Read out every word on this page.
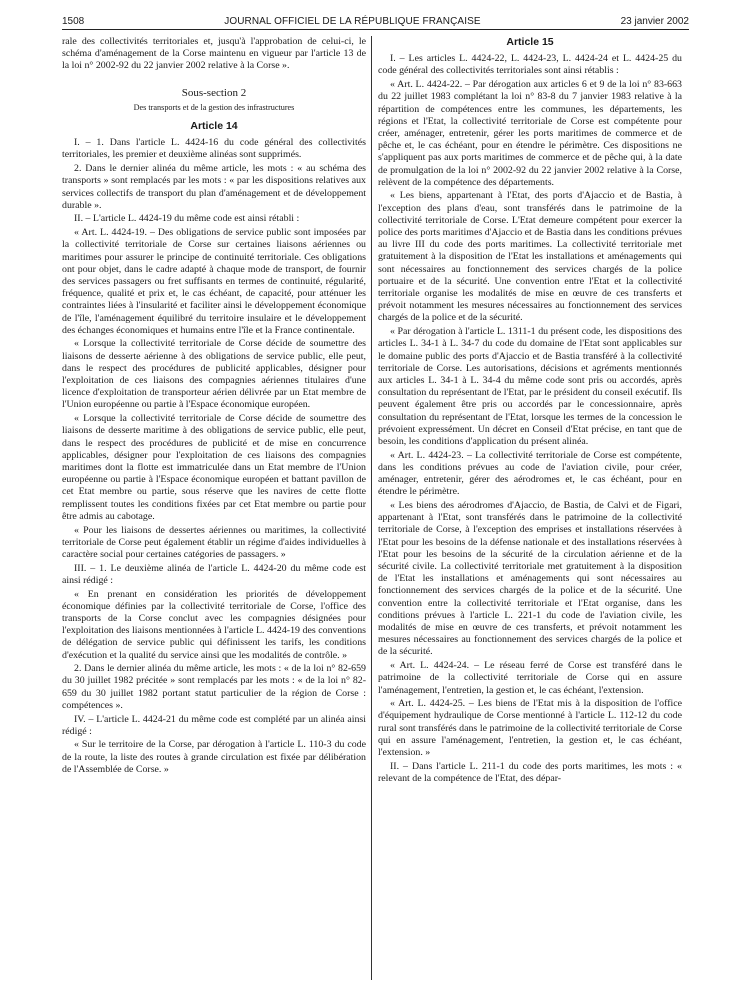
1508	JOURNAL OFFICIEL DE LA RÉPUBLIQUE FRANÇAISE	23 janvier 2002

rale des collectivités territoriales et, jusqu'à l'approbation de celui-ci, le schéma d'aménagement de la Corse maintenu en vigueur par l'article 13 de la loi n° 2002-92 du 22 janvier 2002 relative à la Corse ».

Sous-section 2
Des transports et de la gestion des infrastructures
Article 14

I. – 1. Dans l'article L. 4424-16 du code général des collectivités territoriales, les premier et deuxième alinéas sont supprimés.

2. Dans le dernier alinéa du même article, les mots : « au schéma des transports » sont remplacés par les mots : « par les dispositions relatives aux services collectifs de transport du plan d'aménagement et de développement durable ».

II. – L'article L. 4424-19 du même code est ainsi rétabli :

« Art. L. 4424-19. – Des obligations de service public sont imposées par la collectivité territoriale de Corse sur certaines liaisons aériennes ou maritimes pour assurer le principe de continuité territoriale. Ces obligations ont pour objet, dans le cadre adapté à chaque mode de transport, de fournir des services passagers ou fret suffisants en termes de continuité, régularité, fréquence, qualité et prix et, le cas échéant, de capacité, pour atténuer les contraintes liées à l'insularité et faciliter ainsi le développement économique de l'île, l'aménagement équilibré du territoire insulaire et le développement des échanges économiques et humains entre l'île et la France continentale.

« Lorsque la collectivité territoriale de Corse décide de soumettre des liaisons de desserte aérienne à des obligations de service public, elle peut, dans le respect des procédures de publicité applicables, désigner pour l'exploitation de ces liaisons des compagnies aériennes titulaires d'une licence d'exploitation de transporteur aérien délivrée par un Etat membre de l'Union européenne ou partie à l'Espace économique européen.

« Lorsque la collectivité territoriale de Corse décide de soumettre des liaisons de desserte maritime à des obligations de service public, elle peut, dans le respect des procédures de publicité et de mise en concurrence applicables, désigner pour l'exploitation de ces liaisons des compagnies maritimes dont la flotte est immatriculée dans un Etat membre de l'Union européenne ou partie à l'Espace économique européen et battant pavillon de cet Etat membre ou partie, sous réserve que les navires de cette flotte remplissent toutes les conditions fixées par cet Etat membre ou partie pour être admis au cabotage.

« Pour les liaisons de dessertes aériennes ou maritimes, la collectivité territoriale de Corse peut également établir un régime d'aides individuelles à caractère social pour certaines catégories de passagers. »

III. – 1. Le deuxième alinéa de l'article L. 4424-20 du même code est ainsi rédigé :

« En prenant en considération les priorités de développement économique définies par la collectivité territoriale de Corse, l'office des transports de la Corse conclut avec les compagnies désignées pour l'exploitation des liaisons mentionnées à l'article L. 4424-19 des conventions de délégation de service public qui définissent les tarifs, les conditions d'exécution et la qualité du service ainsi que les modalités de contrôle. »

2. Dans le dernier alinéa du même article, les mots : « de la loi n° 82-659 du 30 juillet 1982 précitée » sont remplacés par les mots : « de la loi n° 82-659 du 30 juillet 1982 portant statut particulier de la région de Corse : compétences ».

IV. – L'article L. 4424-21 du même code est complété par un alinéa ainsi rédigé :

« Sur le territoire de la Corse, par dérogation à l'article L. 110-3 du code de la route, la liste des routes à grande circulation est fixée par délibération de l'Assemblée de Corse. »

Article 15

I. – Les articles L. 4424-22, L. 4424-23, L. 4424-24 et L. 4424-25 du code général des collectivités territoriales sont ainsi rétablis :

« Art. L. 4424-22. – Par dérogation aux articles 6 et 9 de la loi n° 83-663 du 22 juillet 1983 complétant la loi n° 83-8 du 7 janvier 1983 relative à la répartition de compétences entre les communes, les départements, les régions et l'Etat, la collectivité territoriale de Corse est compétente pour créer, aménager, entretenir, gérer les ports maritimes de commerce et de pêche et, le cas échéant, pour en étendre le périmètre. Ces dispositions ne s'appliquent pas aux ports maritimes de commerce et de pêche qui, à la date de promulgation de la loi n° 2002-92 du 22 janvier 2002 relative à la Corse, relèvent de la compétence des départements.

« Les biens, appartenant à l'Etat, des ports d'Ajaccio et de Bastia, à l'exception des plans d'eau, sont transférés dans le patrimoine de la collectivité territoriale de Corse. L'Etat demeure compétent pour exercer la police des ports maritimes d'Ajaccio et de Bastia dans les conditions prévues au livre III du code des ports maritimes. La collectivité territoriale met gratuitement à la disposition de l'Etat les installations et aménagements qui sont nécessaires au fonctionnement des services chargés de la police portuaire et de la sécurité. Une convention entre l'Etat et la collectivité territoriale organise les modalités de mise en œuvre de ces transferts et prévoit notamment les mesures nécessaires au fonctionnement des services chargés de la police et de la sécurité.

« Par dérogation à l'article L. 1311-1 du présent code, les dispositions des articles L. 34-1 à L. 34-7 du code du domaine de l'Etat sont applicables sur le domaine public des ports d'Ajaccio et de Bastia transféré à la collectivité territoriale de Corse. Les autorisations, décisions et agréments mentionnés aux articles L. 34-1 à L. 34-4 du même code sont pris ou accordés, après consultation du représentant de l'Etat, par le président du conseil exécutif. Ils peuvent également être pris ou accordés par le concessionnaire, après consultation du représentant de l'Etat, lorsque les termes de la concession le prévoient expressément. Un décret en Conseil d'Etat précise, en tant que de besoin, les conditions d'application du présent alinéa.

« Art. L. 4424-23. – La collectivité territoriale de Corse est compétente, dans les conditions prévues au code de l'aviation civile, pour créer, aménager, entretenir, gérer des aérodromes et, le cas échéant, pour en étendre le périmètre.

« Les biens des aérodromes d'Ajaccio, de Bastia, de Calvi et de Figari, appartenant à l'Etat, sont transférés dans le patrimoine de la collectivité territoriale de Corse, à l'exception des emprises et installations réservées à l'Etat pour les besoins de la défense nationale et des installations réservées à l'Etat pour les besoins de la sécurité de la circulation aérienne et de la sécurité civile. La collectivité territoriale met gratuitement à la disposition de l'Etat les installations et aménagements qui sont nécessaires au fonctionnement des services chargés de la police et de la sécurité. Une convention entre la collectivité territoriale et l'Etat organise, dans les conditions prévues à l'article L. 221-1 du code de l'aviation civile, les modalités de mise en œuvre de ces transferts, et prévoit notamment les mesures nécessaires au fonctionnement des services chargés de la police et de la sécurité.

« Art. L. 4424-24. – Le réseau ferré de Corse est transféré dans le patrimoine de la collectivité territoriale de Corse qui en assure l'aménagement, l'entretien, la gestion et, le cas échéant, l'extension.

« Art. L. 4424-25. – Les biens de l'Etat mis à la disposition de l'office d'équipement hydraulique de Corse mentionné à l'article L. 112-12 du code rural sont transférés dans le patrimoine de la collectivité territoriale de Corse qui en assure l'aménagement, l'entretien, la gestion et, le cas échéant, l'extension. »

II. – Dans l'article L. 211-1 du code des ports maritimes, les mots : « relevant de la compétence de l'Etat, des dépar-
